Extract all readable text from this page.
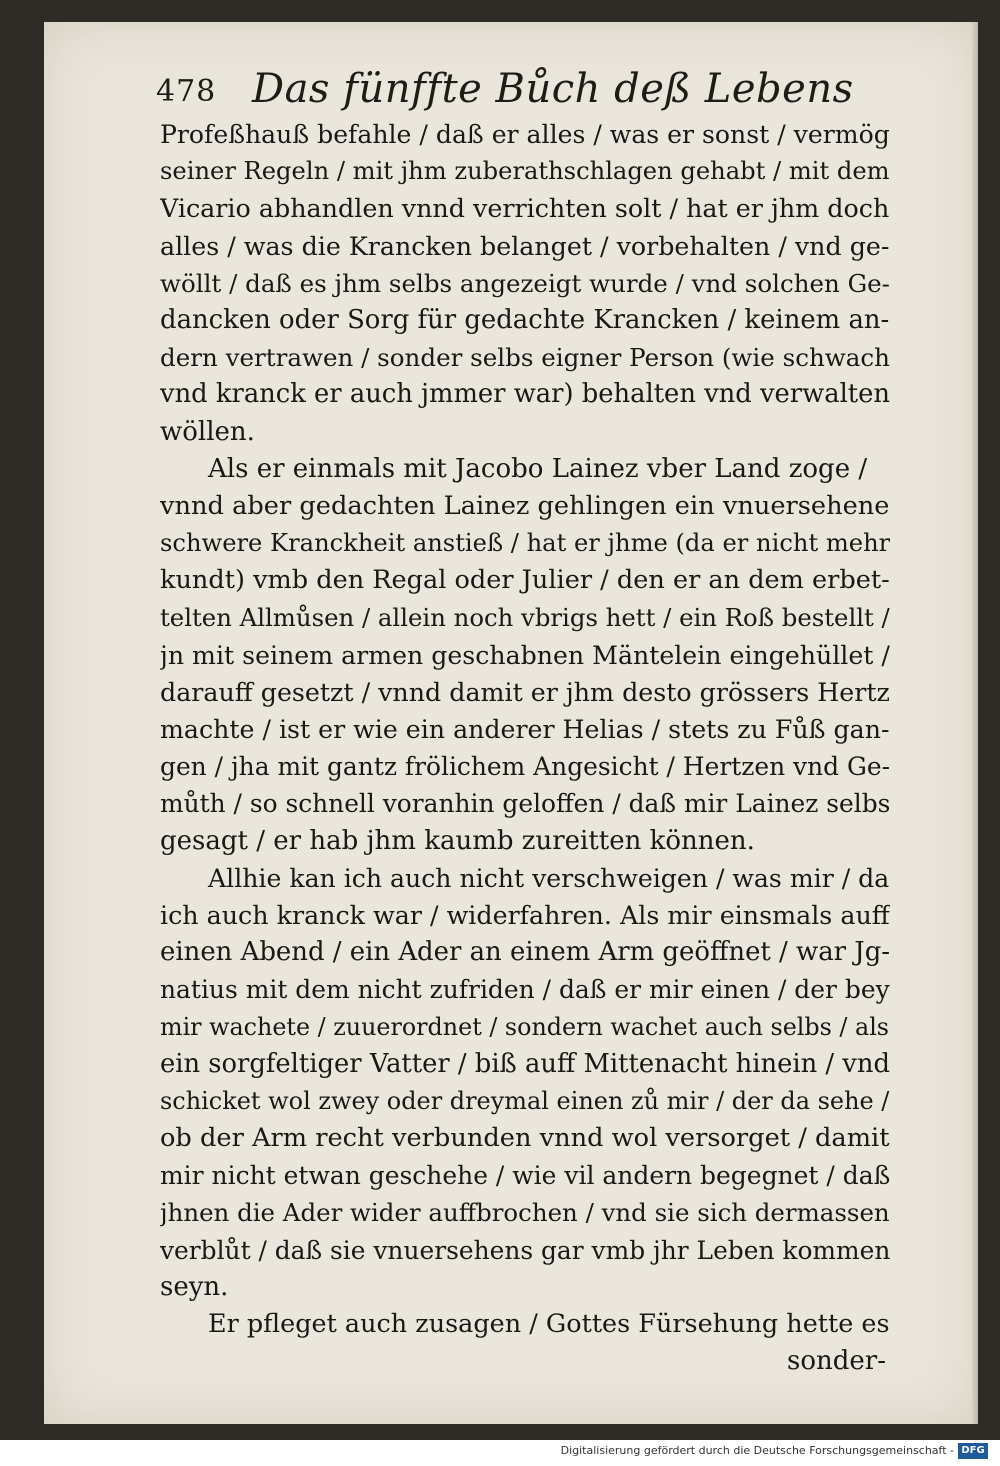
478 Das fünffte Bůch deß Lebens
Profeßhauß befahle / daß er alles / was er sonst / vermög
seiner Regeln / mit jhm zuberathschlagen gehabt / mit dem
Vicario abhandlen vnnd verrichten solt / hat er jhm doch
alles / was die Krancken belanget / vorbehalten / vnd ge-
wöllt / daß es jhm selbs angezeigt wurde / vnd solchen Ge-
dancken oder Sorg für gedachte Krancken / keinem an-
dern vertrawen / sonder selbs eigner Person (wie schwach
vnd kranck er auch jmmer war) behalten vnd verwalten
wöllen.
Als er einmals mit Jacobo Lainez vber Land zoge /
vnnd aber gedachten Lainez gehlingen ein vnuersehene
schwere Kranckheit anstieß / hat er jhme (da er nicht mehr
kundt) vmb den Regal oder Julier / den er an dem erbet-
telten Allmůsen / allein noch vbrigs hett / ein Roß bestellt /
jn mit seinem armen geschabnen Mäntelein eingehüllet /
darauff gesetzt / vnnd damit er jhm desto grössers Hertz
machte / ist er wie ein anderer Helias / stets zu Fůß gan-
gen / jha mit gantz frölichem Angesicht / Hertzen vnd Ge-
můth / so schnell voranhin geloffen / daß mir Lainez selbs
gesagt / er hab jhm kaumb zureitten können.
Allhie kan ich auch nicht verschweigen / was mir / da
ich auch kranck war / widerfahren. Als mir einsmals auff
einen Abend / ein Ader an einem Arm geöffnet / war Jg-
natius mit dem nicht zufriden / daß er mir einen / der bey
mir wachete / zuuerordnet / sondern wachet auch selbs / als
ein sorgfeltiger Vatter / biß auff Mittenacht hinein / vnd
schicket wol zwey oder dreymal einen zů mir / der da sehe /
ob der Arm recht verbunden vnnd wol versorget / damit
mir nicht etwan geschehe / wie vil andern begegnet / daß
jhnen die Ader wider auffbrochen / vnd sie sich dermassen
verblůt / daß sie vnuersehens gar vmb jhr Leben kommen
seyn.
Er pfleget auch zusagen / Gottes Fürsehung hette es
sonder-
Digitalisierung gefördert durch die Deutsche Forschungsgemeinschaft - DFG
